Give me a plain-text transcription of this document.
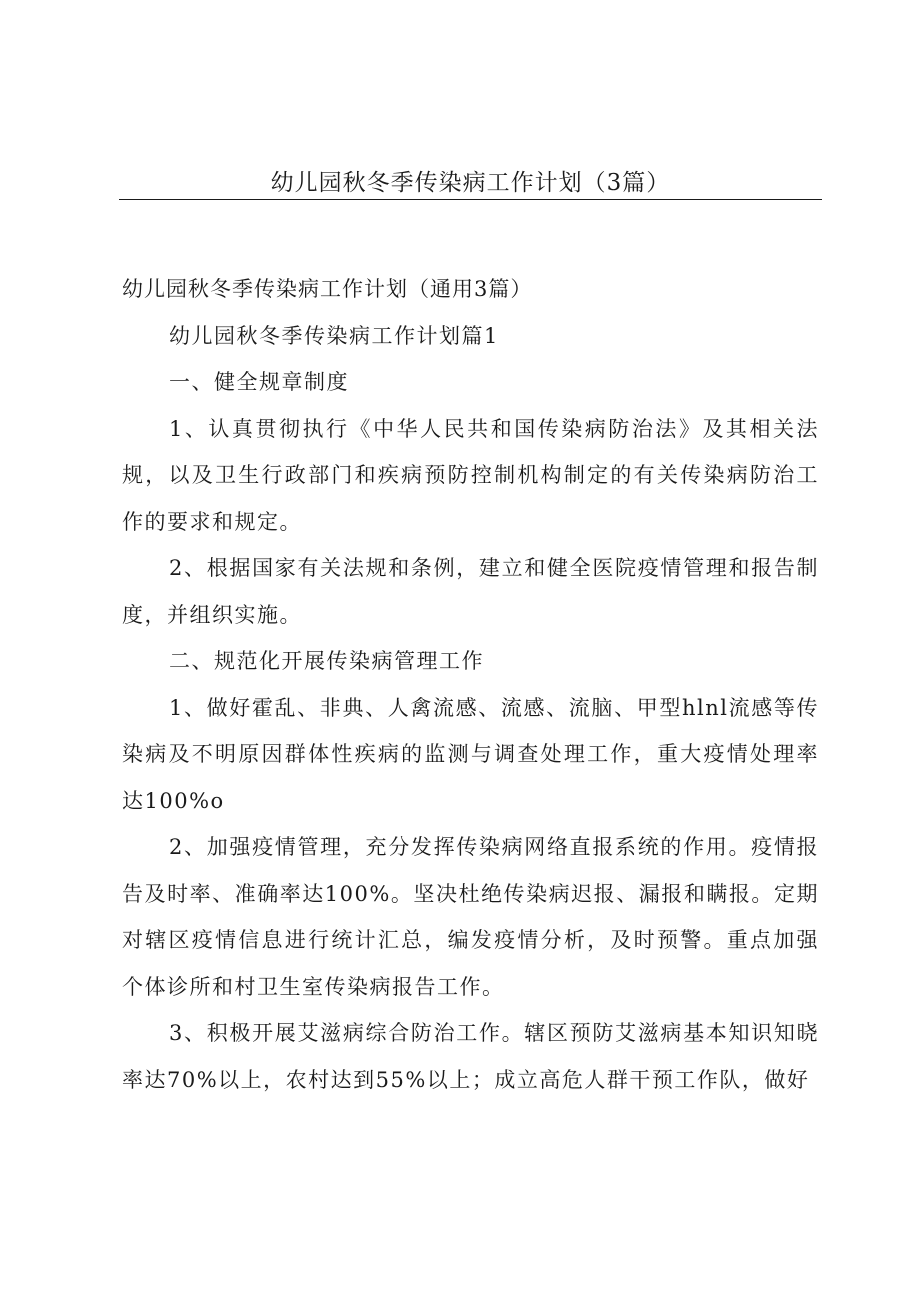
幼儿园秋冬季传染病工作计划（3篇）

幼儿园秋冬季传染病工作计划（通用3篇）

幼儿园秋冬季传染病工作计划篇1

一、健全规章制度

1、认真贯彻执行《中华人民共和国传染病防治法》及其相关法规，以及卫生行政部门和疾病预防控制机构制定的有关传染病防治工作的要求和规定。

2、根据国家有关法规和条例，建立和健全医院疫情管理和报告制度，并组织实施。

二、规范化开展传染病管理工作

1、做好霍乱、非典、人禽流感、流感、流脑、甲型hlnl流感等传染病及不明原因群体性疾病的监测与调查处理工作，重大疫情处理率达100%o

2、加强疫情管理，充分发挥传染病网络直报系统的作用。疫情报告及时率、准确率达100%。坚决杜绝传染病迟报、漏报和瞒报。定期对辖区疫情信息进行统计汇总，编发疫情分析，及时预警。重点加强个体诊所和村卫生室传染病报告工作。

3、积极开展艾滋病综合防治工作。辖区预防艾滋病基本知识知晓率达70%以上，农村达到55%以上；成立高危人群干预工作队，做好
